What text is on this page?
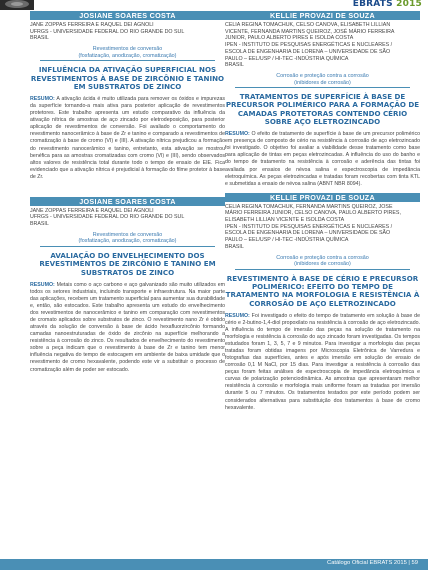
EBRATS 2015
JOSIANE SOARES COSTA
JANE ZOPPAS FERREIRA E RAQUEL DEI AGNOLI
UFRGS - UNIVERSIDADE FEDERAL DO RIO GRANDE DO SUL
BRASIL
Revestimentos de conversão
(fosfatização, anodização, cromatização)
INFLUÊNCIA DA ATIVAÇÃO SUPERFICIAL NOS REVESTIMENTOS À BASE DE ZIRCÔNIO E TANINO EM SUBSTRATOS DE ZINCO

RESUMO: A ativação ácida é muito utilizada para remover os óxidos e impurezas da superfície tornando-a mais ativa para posterior aplicação de revestimentos protetores. Este trabalho apresenta um estudo comparativo da influência da ativação nítrica de amostras de aço zincado por eletrodeposição, para posterior aplicação de revestimentos de conversão. Foi avaliado o comportamento do revestimento nanocerâmico à base de Zr e tanino e comparado a revestimentos de cromatização à base de cromo (VI) e (III). A ativação nítrica prejudicou a formação do revestimento nanocerâmico e tanino, entretanto, esta ativação se mostrou benéfica para as amostras cromatizadas com cromo (VI) e (III), sendo observados altos valores de resistência total durante todo o tempo de ensaio de EIE. Fica evidenciado que a ativação nítrica é prejudicial à formação do filme protetor à base de Zr.

JOSIANE SOARES COSTA
JANE ZOPPAS FERREIRA E RAQUEL DEI AGNOLI
UFRGS - UNIVERSIDADE FEDERAL DO RIO GRANDE DO SUL
BRASIL
Revestimentos de conversão
(fosfatização, anodização, cromatização)
AVALIAÇÃO DO ENVELHECIMENTO DOS REVESTIMENTOS DE ZIRCÔNIO E TANINO EM SUBSTRATOS DE ZINCO

RESUMO: Metais como o aço carbono e aço galvanizado são muito utilizados em todos os setores industriais, incluindo transporte e infraestrutura. Na maior parte das aplicações, recebem um tratamento superficial para aumentar sua durabilidade e, então, são estocados. Este trabalho apresenta um estudo do envelhecimento dos revestimentos de nanocerâmico e tanino em comparação com revestimentos de cromato aplicados sobre substratos de zinco. O revestimento nano Zr é obtido através da solução de conversão à base de ácido hexafluorzircônio formando camadas nanoestruturadas de óxido de zircônio na superfície melhorando a resistência à corrosão do zinco. Os resultados de envelhecimento do revestimento sobre a peça indicam que o revestimento à base de Zr e tanino tem menor influência negativa do tempo de estocagem em ambiente de baixa umidade que o revestimento de cromo hexavalente, podendo este vir a substituir o processo de cromatização além de poder ser estocado.

KELLIE PROVAZI DE SOUZA
CÉLIA REGINA TOMACHUK, CELSO CANOVA, ELISABETH LILLIAN
VICENTE, FERNANDA MARTINS QUEIROZ, JOSÉ MÁRIO FERREIRA
JUNIOR, PAULO ALBERTO PIRES E ISOLDA COSTA
IPEN - INSTITUTO DE PESQUISAS ENERGÉTICAS E NUCLEARES /
ESCOLA DE ENGENHARIA DE LORENA – UNIVERSIDADE DE SÃO
PAULO – EEL/USP / HI-TEC -INDÚSTRIA QUÍMICA
BRASIL
Corrosão e proteção contra a corrosão
(inibidores de corrosão)
TRATAMENTOS DE SUPERFÍCIE À BASE DE PRECURSOR POLIMÉRICO PARA A FORMAÇÃO DE CAMADAS PROTETORAS CONTENDO CÉRIO SOBRE AÇO ELETROZINCADO

RESUMO: O efeito de tratamento de superfície à base de um precursor polimérico em presença de composto de cério na resistência à corrosão de aço eletrozincado foi investigado. O objetivo foi avaliar a viabilidade desse tratamento como base para aplicação de tintas em peças eletrozincadas. A influência do uso do banho e do tempo de tratamento na resistência à corrosão e aderência das tintas foi avaliada por ensaios de névoa salina e espectroscopia de impedância eletroquímica. As peças eletrozincadas e tratadas foram recobertas com tinta KTL e submetidas a ensaio de névoa salina (ABNT NBR 8094).

KELLIE PROVAZI DE SOUZA
CÉLIA REGINA TOMACHUK, FERNANDA MARTINS QUEIROZ, JOSÉ
MÁRIO FERREIRA JUNIOR, CELSO CANOVA, PAULO ALBERTO PIRES,
ELISABETH LILLIAN VICENTE E ISOLDA COSTA
IPEN - INSTITUTO DE PESQUISAS ENERGÉTICAS E NUCLEARES /
ESCOLA DE ENGENHARIA DE LORENA – UNIVERSIDADE DE SÃO
PAULO – EEL/USP / HI-TEC -INDÚSTRIA QUÍMICA
BRASIL
Corrosão e proteção contra a corrosão
(inibidores de corrosão)
REVESTIMENTO À BASE DE CÉRIO E PRECURSOR POLIMÉRICO: EFEITO DO TEMPO DE TRATAMENTO NA MORFOLOGIA E RESISTÊNCIA À CORROSÃO DE AÇO ELETROZINCADO

RESUMO: Foi investigado o efeito do tempo de tratamento em solução à base de cério e 2-butino-1,4-diol propoxilato na resistência à corrosão de aço eletrozincado. A influência do tempo de imersão das peças na solução de tratamento na morfologia e resistência à corrosão do aço zincado foram investigadas. Os tempos estudados foram 1, 3, 5, 7 e 9 minutos. Para investigar a morfologia das peças tratadas foram obtidas imagens por Microscopia Eletrônica de Varredura e fotografias das superfícies, antes e após imersão em solução de ensaio de corrosão 0,1 M NaCl, por 15 dias. Para investigar a resistência à corrosão das peças foram feitas análises de espectroscopia de impedância eletroquímica e curvas de polarização potenciodinâmica. As amostras que apresentaram melhor resistência à corrosão e morfologia mais uniforme foram as tratadas por imersão durante 5 ou 7 minutos. Os tratamentos testados por este período podem ser considerados alternativas para substituição dos tratamentos à base de cromo hexavalente.

Catálogo Oficial EBRATS 2015 | 59
